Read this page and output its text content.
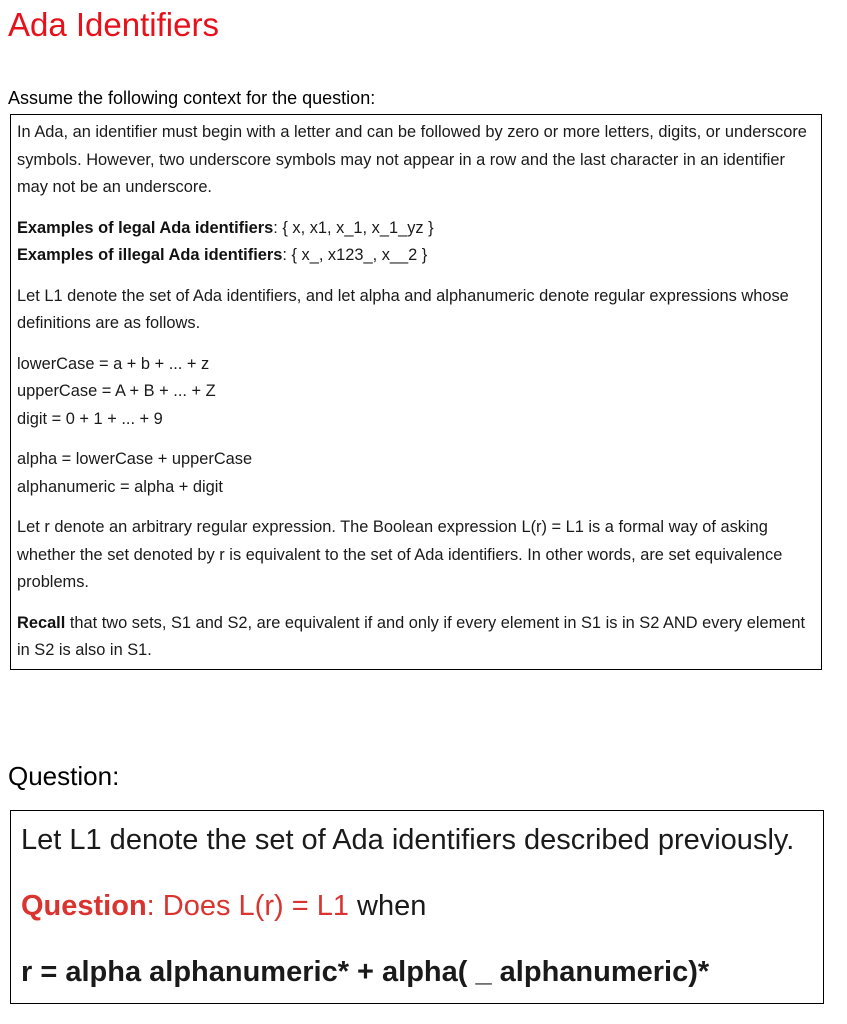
Ada Identifiers
Assume the following context for the question:

In Ada, an identifier must begin with a letter and can be followed by zero or more letters, digits, or underscore symbols. However, two underscore symbols may not appear in a row and the last character in an identifier may not be an underscore.

Examples of legal Ada identifiers: { x, x1, x_1, x_1_yz }
Examples of illegal Ada identifiers: { x_, x123_, x__2 }

Let L1 denote the set of Ada identifiers, and let alpha and alphanumeric denote regular expressions whose definitions are as follows.

lowerCase = a + b + ... + z
upperCase = A + B + ... + Z
digit = 0 + 1 + ... + 9

alpha = lowerCase + upperCase
alphanumeric = alpha + digit

Let r denote an arbitrary regular expression. The Boolean expression L(r) = L1 is a formal way of asking whether the set denoted by r is equivalent to the set of Ada identifiers. In other words, are set equivalence problems.

Recall that two sets, S1 and S2, are equivalent if and only if every element in S1 is in S2 AND every element in S2 is also in S1.

Question:
Let L1 denote the set of Ada identifiers described previously.
Question: Does L(r) = L1 when
r = alpha alphanumeric* + alpha( _ alphanumeric)*
